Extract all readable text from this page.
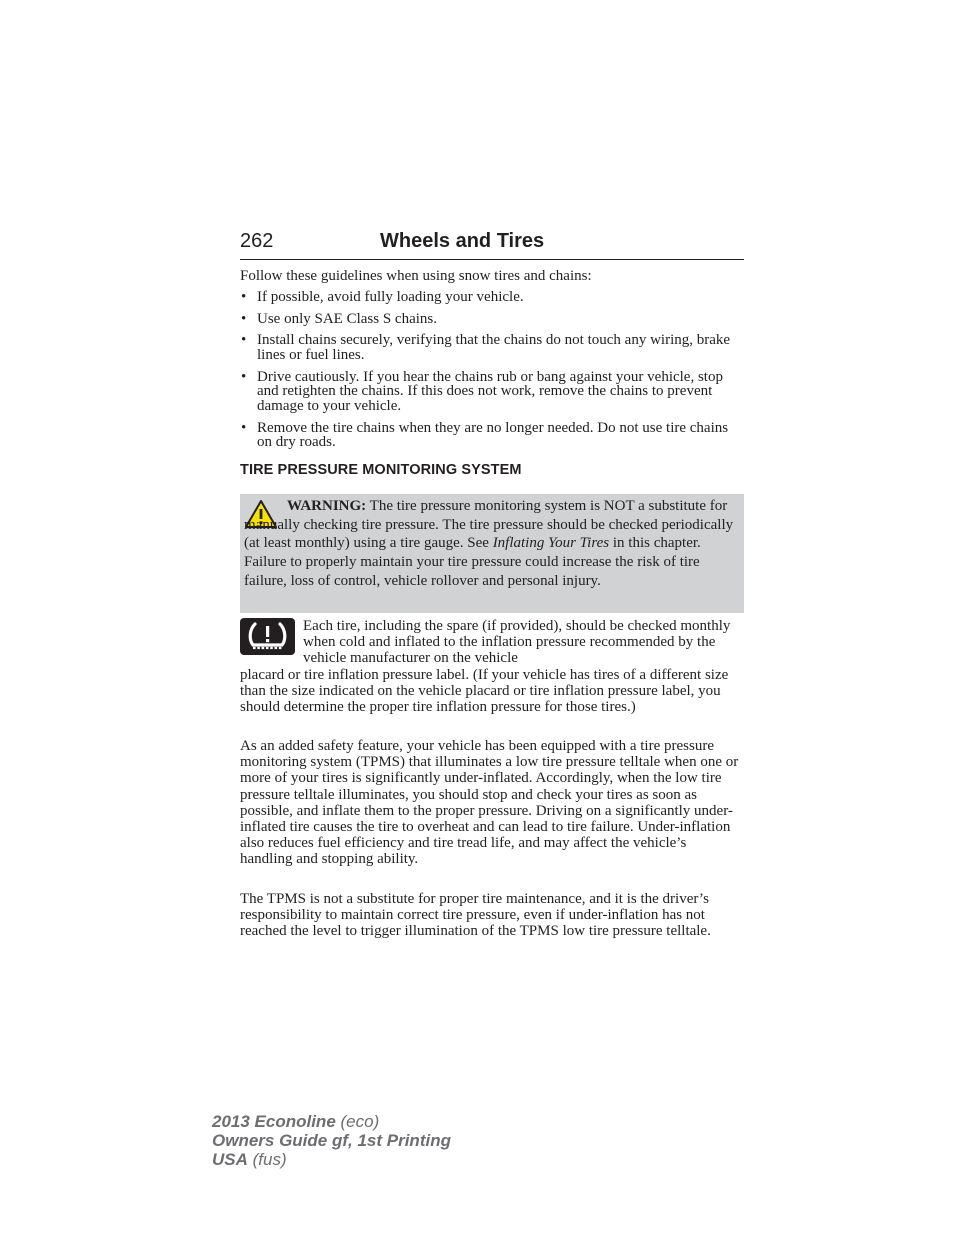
262	Wheels and Tires
Follow these guidelines when using snow tires and chains:
• If possible, avoid fully loading your vehicle.
• Use only SAE Class S chains.
• Install chains securely, verifying that the chains do not touch any wiring, brake lines or fuel lines.
• Drive cautiously. If you hear the chains rub or bang against your vehicle, stop and retighten the chains. If this does not work, remove the chains to prevent damage to your vehicle.
• Remove the tire chains when they are no longer needed. Do not use tire chains on dry roads.
TIRE PRESSURE MONITORING SYSTEM

WARNING: The tire pressure monitoring system is NOT a substitute for manually checking tire pressure. The tire pressure should be checked periodically (at least monthly) using a tire gauge. See Inflating Your Tires in this chapter. Failure to properly maintain your tire pressure could increase the risk of tire failure, loss of control, vehicle rollover and personal injury.

Each tire, including the spare (if provided), should be checked monthly when cold and inflated to the inflation pressure recommended by the vehicle manufacturer on the vehicle

placard or tire inflation pressure label. (If your vehicle has tires of a different size than the size indicated on the vehicle placard or tire inflation pressure label, you should determine the proper tire inflation pressure for those tires.)

As an added safety feature, your vehicle has been equipped with a tire pressure monitoring system (TPMS) that illuminates a low tire pressure telltale when one or more of your tires is significantly under-inflated. Accordingly, when the low tire pressure telltale illuminates, you should stop and check your tires as soon as possible, and inflate them to the proper pressure. Driving on a significantly under-inflated tire causes the tire to overheat and can lead to tire failure. Under-inflation also reduces fuel efficiency and tire tread life, and may affect the vehicle’s handling and stopping ability.
The TPMS is not a substitute for proper tire maintenance, and it is the driver’s responsibility to maintain correct tire pressure, even if under-inflation has not reached the level to trigger illumination of the TPMS low tire pressure telltale.
2013 Econoline (eco)
Owners Guide gf, 1st Printing
USA (fus)
